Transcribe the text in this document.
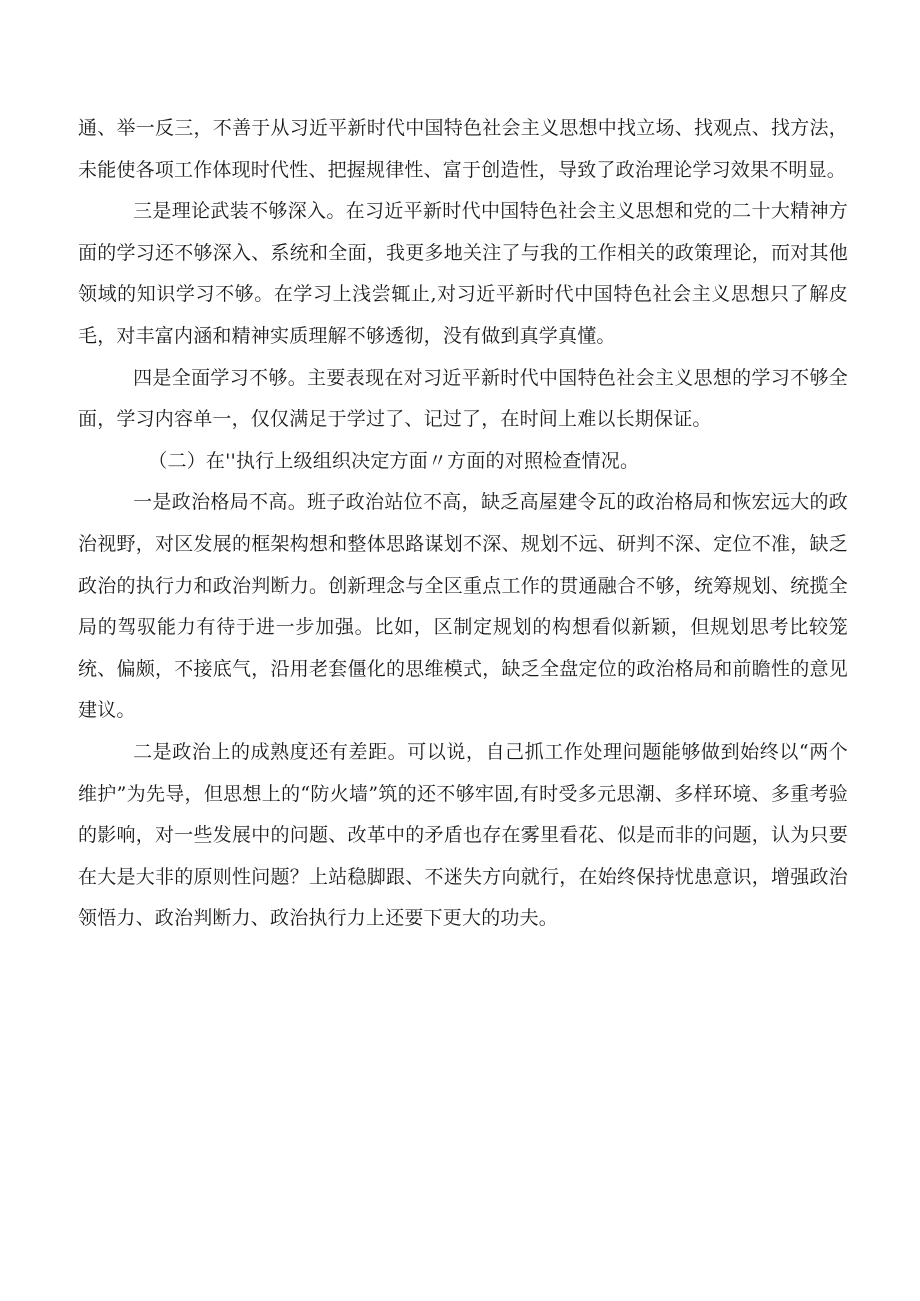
通、举一反三，不善于从习近平新时代中国特色社会主义思想中找立场、找观点、找方法，未能使各项工作体现时代性、把握规律性、富于创造性，导致了政治理论学习效果不明显。

三是理论武装不够深入。在习近平新时代中国特色社会主义思想和党的二十大精神方面的学习还不够深入、系统和全面，我更多地关注了与我的工作相关的政策理论，而对其他领域的知识学习不够。在学习上浅尝辄止,对习近平新时代中国特色社会主义思想只了解皮毛，对丰富内涵和精神实质理解不够透彻，没有做到真学真懂。

四是全面学习不够。主要表现在对习近平新时代中国特色社会主义思想的学习不够全面，学习内容单一，仅仅满足于学过了、记过了，在时间上难以长期保证。

（二）在''执行上级组织决定方面〃方面的对照检查情况。

一是政治格局不高。班子政治站位不高，缺乏高屋建令瓦的政治格局和恢宏远大的政治视野，对区发展的框架构想和整体思路谋划不深、规划不远、研判不深、定位不准，缺乏政治的执行力和政治判断力。创新理念与全区重点工作的贯通融合不够，统筹规划、统揽全局的驾驭能力有待于进一步加强。比如，区制定规划的构想看似新颖，但规划思考比较笼统、偏颇，不接底气，沿用老套僵化的思维模式，缺乏全盘定位的政治格局和前瞻性的意见建议。

二是政治上的成熟度还有差距。可以说，自己抓工作处理问题能够做到始终以“两个维护”为先导，但思想上的“防火墙”筑的还不够牢固,有时受多元思潮、多样环境、多重考验的影响，对一些发展中的问题、改革中的矛盾也存在雾里看花、似是而非的问题，认为只要在大是大非的原则性问题？上站稳脚跟、不迷失方向就行，在始终保持忧患意识，增强政治领悟力、政治判断力、政治执行力上还要下更大的功夫。
